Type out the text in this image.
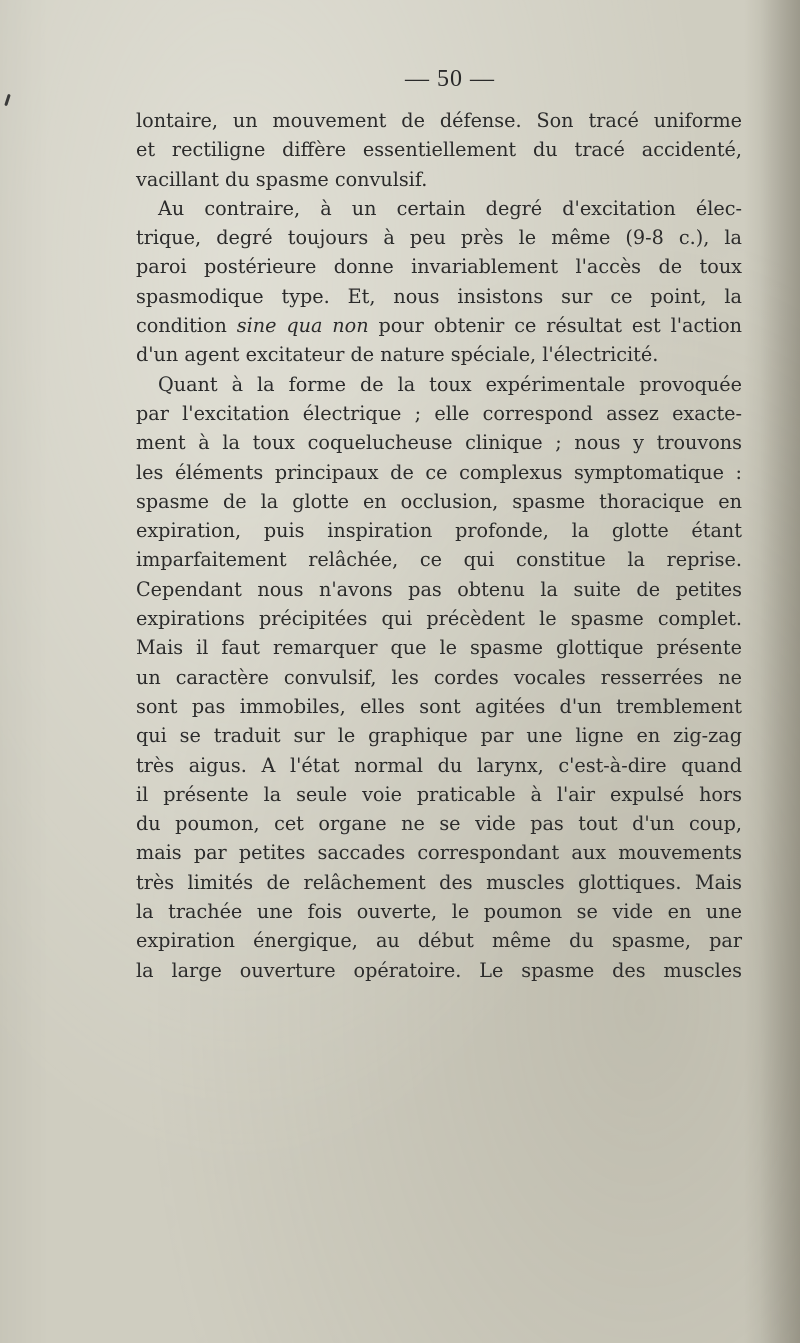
— 50 —
lontaire, un mouvement de défense. Son tracé uniforme
et rectiligne diffère essentiellement du tracé accidenté,
vacillant du spasme convulsif.
Au contraire, à un certain degré d'excitation élec-
trique, degré toujours à peu près le même (9-8 c.), la
paroi postérieure donne invariablement l'accès de toux
spasmodique type. Et, nous insistons sur ce point, la
condition sine qua non pour obtenir ce résultat est l'action
d'un agent excitateur de nature spéciale, l'électricité.
Quant à la forme de la toux expérimentale provoquée
par l'excitation électrique ; elle correspond assez exacte-
ment à la toux coquelucheuse clinique ; nous y trouvons
les éléments principaux de ce complexus symptomatique :
spasme de la glotte en occlusion, spasme thoracique en
expiration, puis inspiration profonde, la glotte étant
imparfaitement relâchée, ce qui constitue la reprise.
Cependant nous n'avons pas obtenu la suite de petites
expirations précipitées qui précèdent le spasme complet.
Mais il faut remarquer que le spasme glottique présente
un caractère convulsif, les cordes vocales resserrées ne
sont pas immobiles, elles sont agitées d'un tremblement
qui se traduit sur le graphique par une ligne en zig-zag
très aigus. A l'état normal du larynx, c'est-à-dire quand
il présente la seule voie praticable à l'air expulsé hors
du poumon, cet organe ne se vide pas tout d'un coup,
mais par petites saccades correspondant aux mouvements
très limités de relâchement des muscles glottiques. Mais
la trachée une fois ouverte, le poumon se vide en une
expiration énergique, au début même du spasme, par
la large ouverture opératoire. Le spasme des muscles
